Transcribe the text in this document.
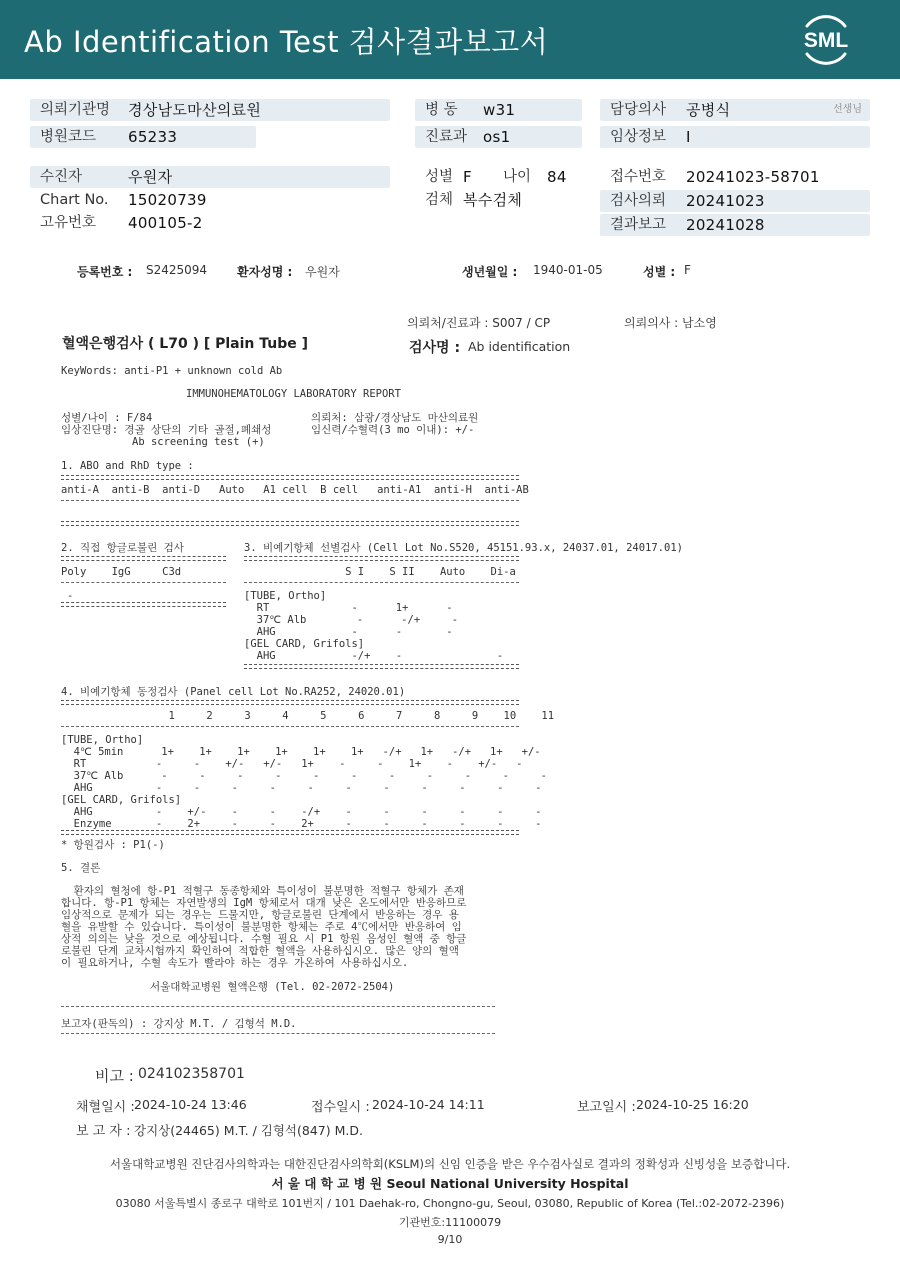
Ab Identification Test 검사결과보고서	SML
의뢰기관명 경상남도마산의료원
병원코드 65233
병 동 w31
진료과 os1
담당의사 공병식	선생님
임상정보 I
수진자	우원자
Chart No. 15020739
고유번호 400105-2
성별 F 나이 84
검체 복수검체
접수번호 20241023-58701
검사의뢰 20241023
결과보고 20241028
등록번호 : S2425094 환자성명 : 우원자	생년월일 : 1940-01-05	성별 : F
의뢰처/진료과 : S007 / CP	의뢰의사 : 남소영
혈액은행검사 ( L70 ) [ Plain Tube ]	검사명 : Ab identification
KeyWords: anti-P1 + unknown cold Ab
IMMUNOHEMATOLOGY LABORATORY REPORT
성별/나이 : F/84
임상진단명: 경골 상단의 기타 골절,폐쇄성
Ab screening test (+)
의뢰처: 삼광/경상남도 마산의료원
임신력/수혈력(3 mo 이내): +/-
1. ABO and RhD type :
anti-A  anti-B  anti-D   Auto   A1 cell  B cell   anti-A1  anti-H  anti-AB
2. 직접 항글로불린 검사
Poly    IgG     C3d
-
3. 비예기항체 선별검사 (Cell Lot No.S520, 45151.93.x, 24037.01, 24017.01)
S I    S II    Auto    Di-a
[TUBE, Ortho]
RT             -      1+      -
37℃ Alb        -      -/+     -
AHG            -      -       -
[GEL CARD, Grifols]
AHG            -/+    -               -
4. 비예기항체 동정검사 (Panel cell Lot No.RA252, 24020.01)
1     2     3     4     5     6     7     8     9    10    11
[TUBE, Ortho]
4℃ 5min      1+    1+    1+    1+    1+    1+   -/+   1+   -/+   1+   +/-
RT           -     -    +/-   +/-   1+    -     -    1+    -    +/-   -
37℃ Alb      -     -     -     -     -     -     -     -     -     -     -
AHG          -     -     -     -     -     -     -     -     -     -     -
[GEL CARD, Grifols]
AHG          -    +/-    -     -    -/+    -     -     -     -     -     -
Enzyme       -    2+     -     -    2+     -     -     -     -     -     -
* 항원검사 : P1(-)
5. 결론
환자의 혈청에 항-P1 적혈구 동종항체와 특이성이 불분명한 적혈구 항체가 존재
합니다. 항-P1 항체는 자연발생의 IgM 항체로서 대개 낮은 온도에서만 반응하므로
임상적으로 문제가 되는 경우는 드물지만, 항글로불린 단계에서 반응하는 경우 용
혈을 유발할 수 있습니다. 특이성이 불분명한 항체는 주로 4℃에서만 반응하여 임
상적 의의는 낮을 것으로 예상됩니다. 수혈 필요 시 P1 항원 음성인 혈액 중 항글
로불린 단계 교차시험까지 확인하여 적합한 혈액을 사용하십시오. 많은 양의 혈액
이 필요하거나, 수혈 속도가 빨라야 하는 경우 가온하여 사용하십시오.
서울대학교병원 혈액은행 (Tel. 02-2072-2504)
보고자(판독의) : 강지상 M.T. / 김형석 M.D.
비고 : 024102358701
채혈일시 : 2024-10-24 13:46	접수일시 : 2024-10-24 14:11	보고일시 : 2024-10-25 16:20
보 고 자 : 강지상(24465) M.T. / 김형석(847) M.D.
서울대학교병원 진단검사의학과는 대한진단검사의학회(KSLM)의 신임 인증을 받은 우수검사실로 결과의 정확성과 신빙성을 보증합니다.
서 울 대 학 교 병 원 Seoul National University Hospital
03080 서울특별시 종로구 대학로 101번지 / 101 Daehak-ro, Chongno-gu, Seoul, 03080, Republic of Korea (Tel.:02-2072-2396)
기관번호:11100079
9/10
